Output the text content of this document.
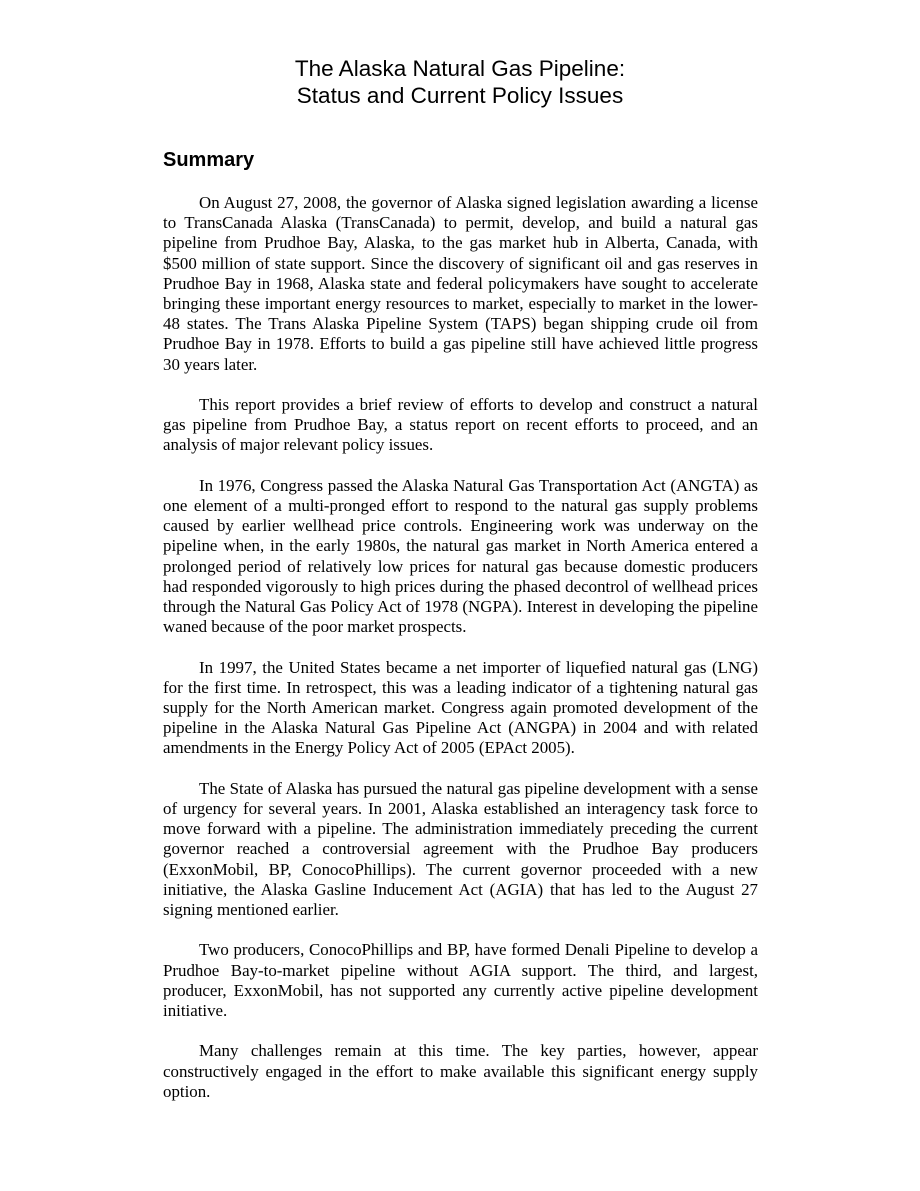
The Alaska Natural Gas Pipeline:
Status and Current Policy Issues
Summary

On August 27, 2008, the governor of Alaska signed legislation awarding a license to TransCanada Alaska (TransCanada) to permit, develop, and build a natural gas pipeline from Prudhoe Bay, Alaska, to the gas market hub in Alberta, Canada, with $500 million of state support. Since the discovery of significant oil and gas reserves in Prudhoe Bay in 1968, Alaska state and federal policymakers have sought to accelerate bringing these important energy resources to market, especially to market in the lower-48 states. The Trans Alaska Pipeline System (TAPS) began shipping crude oil from Prudhoe Bay in 1978. Efforts to build a gas pipeline still have achieved little progress 30 years later.

This report provides a brief review of efforts to develop and construct a natural gas pipeline from Prudhoe Bay, a status report on recent efforts to proceed, and an analysis of major relevant policy issues.

In 1976, Congress passed the Alaska Natural Gas Transportation Act (ANGTA) as one element of a multi-pronged effort to respond to the natural gas supply problems caused by earlier wellhead price controls. Engineering work was underway on the pipeline when, in the early 1980s, the natural gas market in North America entered a prolonged period of relatively low prices for natural gas because domestic producers had responded vigorously to high prices during the phased decontrol of wellhead prices through the Natural Gas Policy Act of 1978 (NGPA). Interest in developing the pipeline waned because of the poor market prospects.

In 1997, the United States became a net importer of liquefied natural gas (LNG) for the first time. In retrospect, this was a leading indicator of a tightening natural gas supply for the North American market. Congress again promoted development of the pipeline in the Alaska Natural Gas Pipeline Act (ANGPA) in 2004 and with related amendments in the Energy Policy Act of 2005 (EPAct 2005).

The State of Alaska has pursued the natural gas pipeline development with a sense of urgency for several years. In 2001, Alaska established an interagency task force to move forward with a pipeline. The administration immediately preceding the current governor reached a controversial agreement with the Prudhoe Bay producers (ExxonMobil, BP, ConocoPhillips). The current governor proceeded with a new initiative, the Alaska Gasline Inducement Act (AGIA) that has led to the August 27 signing mentioned earlier.

Two producers, ConocoPhillips and BP, have formed Denali Pipeline to develop a Prudhoe Bay-to-market pipeline without AGIA support. The third, and largest, producer, ExxonMobil, has not supported any currently active pipeline development initiative.

Many challenges remain at this time. The key parties, however, appear constructively engaged in the effort to make available this significant energy supply option.
